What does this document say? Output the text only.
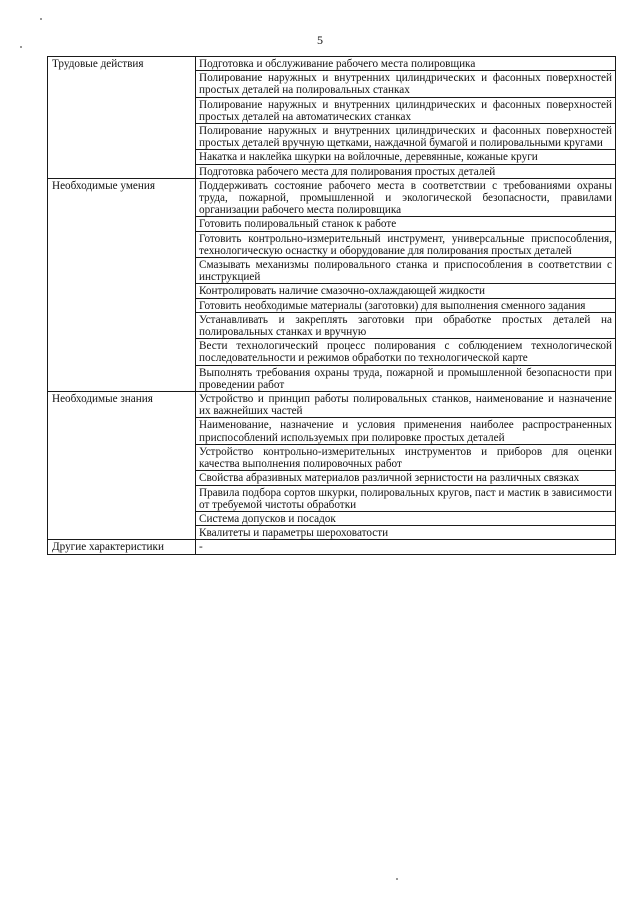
5
Трудовые действия	Подготовка и обслуживание рабочего места полировщика
	Полирование наружных и внутренних цилиндрических и фасонных поверхностей простых деталей на полировальных станках
	Полирование наружных и внутренних цилиндрических и фасонных поверхностей простых деталей на автоматических станках
	Полирование наружных и внутренних цилиндрических и фасонных поверхностей простых деталей вручную щетками, наждачной бумагой и полировальными кругами
	Накатка и наклейка шкурки на войлочные, деревянные, кожаные круги
	Подготовка рабочего места для полирования простых деталей
Необходимые умения	Поддерживать состояние рабочего места в соответствии с требованиями охраны труда, пожарной, промышленной и экологической безопасности, правилами организации рабочего места полировщика
	Готовить полировальный станок к работе
	Готовить контрольно-измерительный инструмент, универсальные приспособления, технологическую оснастку и оборудование для полирования простых деталей
	Смазывать механизмы полировального станка и приспособления в соответствии с инструкцией
	Контролировать наличие смазочно-охлаждающей жидкости
	Готовить необходимые материалы (заготовки) для выполнения сменного задания
	Устанавливать и закреплять заготовки при обработке простых деталей на полировальных станках и вручную
	Вести технологический процесс полирования с соблюдением технологической последовательности и режимов обработки по технологической карте
	Выполнять требования охраны труда, пожарной и промышленной безопасности при проведении работ
Необходимые знания	Устройство и принцип работы полировальных станков, наименование и назначение их важнейших частей
	Наименование, назначение и условия применения наиболее распространенных приспособлений используемых при полировке простых деталей
	Устройство контрольно-измерительных инструментов и приборов для оценки качества выполнения полировочных работ
	Свойства абразивных материалов различной зернистости на различных связках
	Правила подбора сортов шкурки, полировальных кругов, паст и мастик в зависимости от требуемой чистоты обработки
	Система допусков и посадок
	Квалитеты и параметры шероховатости
Другие характеристики	-
